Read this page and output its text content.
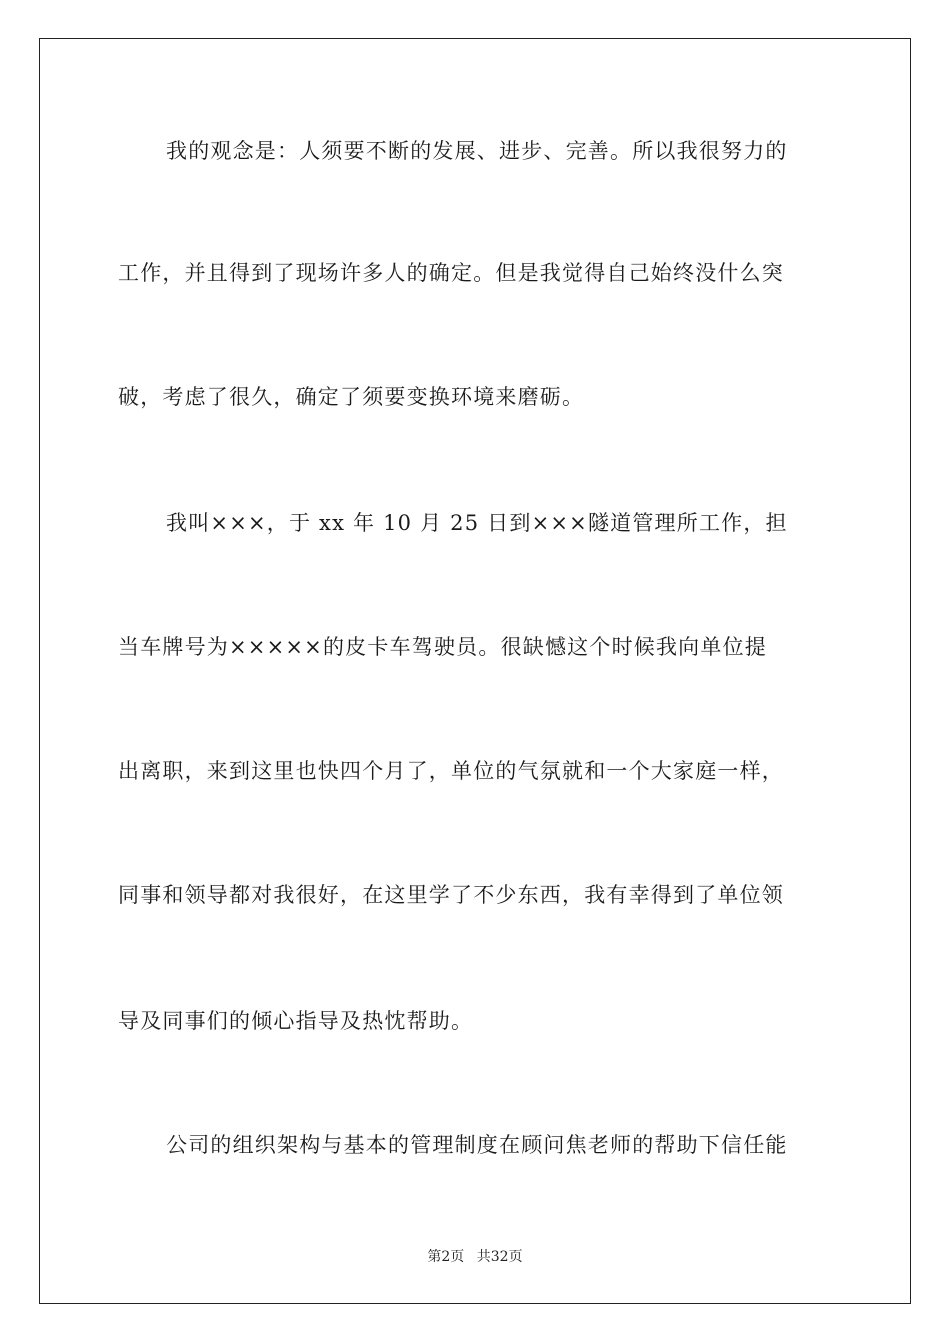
我的观念是：人须要不断的发展、进步、完善。所以我很努力的
工作，并且得到了现场许多人的确定。但是我觉得自己始终没什么突
破，考虑了很久，确定了须要变换环境来磨砺。
我叫×××，于 xx 年 10 月 25 日到×××隧道管理所工作，担
当车牌号为×××××的皮卡车驾驶员。很缺憾这个时候我向单位提
出离职，来到这里也快四个月了，单位的气氛就和一个大家庭一样，
同事和领导都对我很好，在这里学了不少东西，我有幸得到了单位领
导及同事们的倾心指导及热忱帮助。
公司的组织架构与基本的管理制度在顾问焦老师的帮助下信任能
第2页 共32页
